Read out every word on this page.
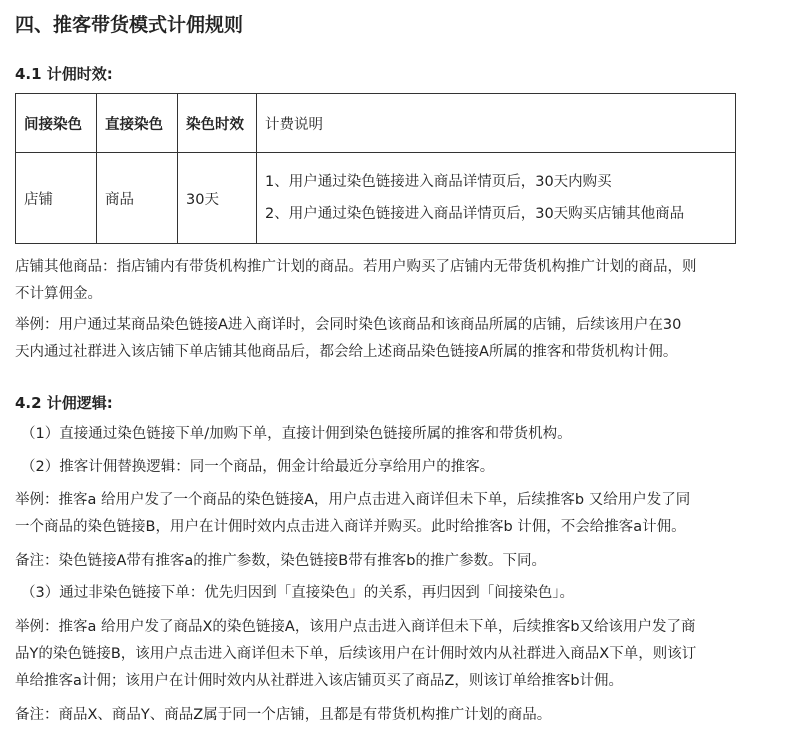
四、推客带货模式计佣规则
4.1 计佣时效:
间接染色	直接染色	染色时效	计费说明
店铺	商品	30天	1、用户通过染色链接进入商品详情页后，30天内购买
2、用户通过染色链接进入商品详情页后，30天购买店铺其他商品
店铺其他商品：指店铺内有带货机构推广计划的商品。若用户购买了店铺内无带货机构推广计划的商品，则
不计算佣金。
举例：用户通过某商品染色链接A进入商详时，会同时染色该商品和该商品所属的店铺，后续该用户在30
天内通过社群进入该店铺下单店铺其他商品后，都会给上述商品染色链接A所属的推客和带货机构计佣。
4.2 计佣逻辑:
（1）直接通过染色链接下单/加购下单，直接计佣到染色链接所属的推客和带货机构。
（2）推客计佣替换逻辑：同一个商品，佣金计给最近分享给用户的推客。
举例：推客a 给用户发了一个商品的染色链接A，用户点击进入商详但未下单，后续推客b 又给用户发了同
一个商品的染色链接B，用户在计佣时效内点击进入商详并购买。此时给推客b 计佣，不会给推客a计佣。
备注：染色链接A带有推客a的推广参数，染色链接B带有推客b的推广参数。下同。
（3）通过非染色链接下单：优先归因到「直接染色」的关系，再归因到「间接染色」。
举例：推客a 给用户发了商品X的染色链接A，该用户点击进入商详但未下单，后续推客b又给该用户发了商
品Y的染色链接B，该用户点击进入商详但未下单，后续该用户在计佣时效内从社群进入商品X下单，则该订
单给推客a计佣；该用户在计佣时效内从社群进入该店铺页买了商品Z，则该订单给推客b计佣。
备注：商品X、商品Y、商品Z属于同一个店铺，且都是有带货机构推广计划的商品。
